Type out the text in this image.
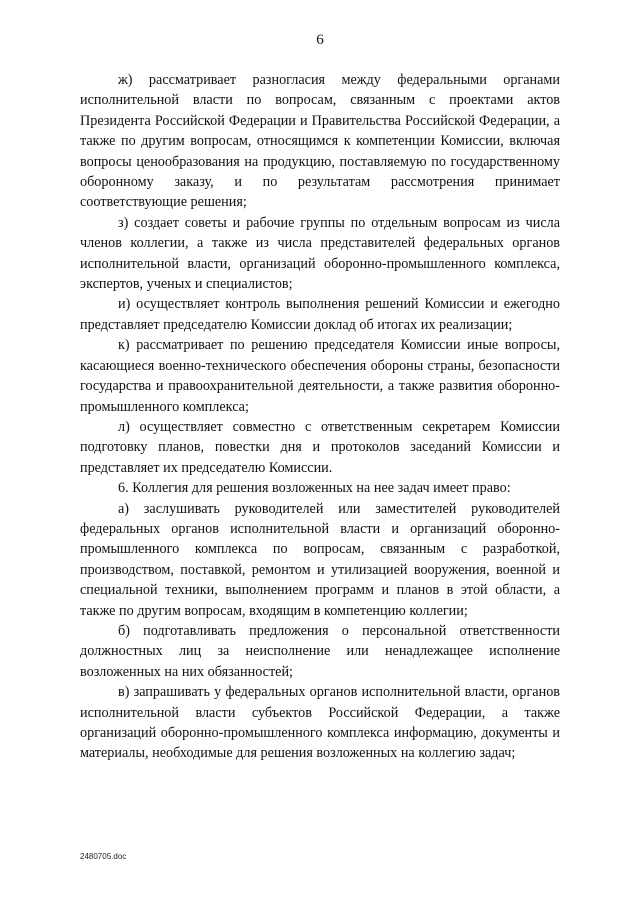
6

ж) рассматривает разногласия между федеральными органами исполнительной власти по вопросам, связанным с проектами актов Президента Российской Федерации и Правительства Российской Федерации, а также по другим вопросам, относящимся к компетенции Комиссии, включая вопросы ценообразования на продукцию, поставляемую по государственному оборонному заказу, и по результатам рассмотрения принимает соответствующие решения;

з) создает советы и рабочие группы по отдельным вопросам из числа членов коллегии, а также из числа представителей федеральных органов исполнительной власти, организаций оборонно-промышленного комплекса, экспертов, ученых и специалистов;

и) осуществляет контроль выполнения решений Комиссии и ежегодно представляет председателю Комиссии доклад об итогах их реализации;

к) рассматривает по решению председателя Комиссии иные вопросы, касающиеся военно-технического обеспечения обороны страны, безопасности государства и правоохранительной деятельности, а также развития оборонно-промышленного комплекса;

л) осуществляет совместно с ответственным секретарем Комиссии подготовку планов, повестки дня и протоколов заседаний Комиссии и представляет их председателю Комиссии.

6. Коллегия для решения возложенных на нее задач имеет право:

а) заслушивать руководителей или заместителей руководителей федеральных органов исполнительной власти и организаций оборонно-промышленного комплекса по вопросам, связанным с разработкой, производством, поставкой, ремонтом и утилизацией вооружения, военной и специальной техники, выполнением программ и планов в этой области, а также по другим вопросам, входящим в компетенцию коллегии;

б) подготавливать предложения о персональной ответственности должностных лиц за неисполнение или ненадлежащее исполнение возложенных на них обязанностей;

в) запрашивать у федеральных органов исполнительной власти, органов исполнительной власти субъектов Российской Федерации, а также организаций оборонно-промышленного комплекса информацию, документы и материалы, необходимые для решения возложенных на коллегию задач;

2480705.doc
